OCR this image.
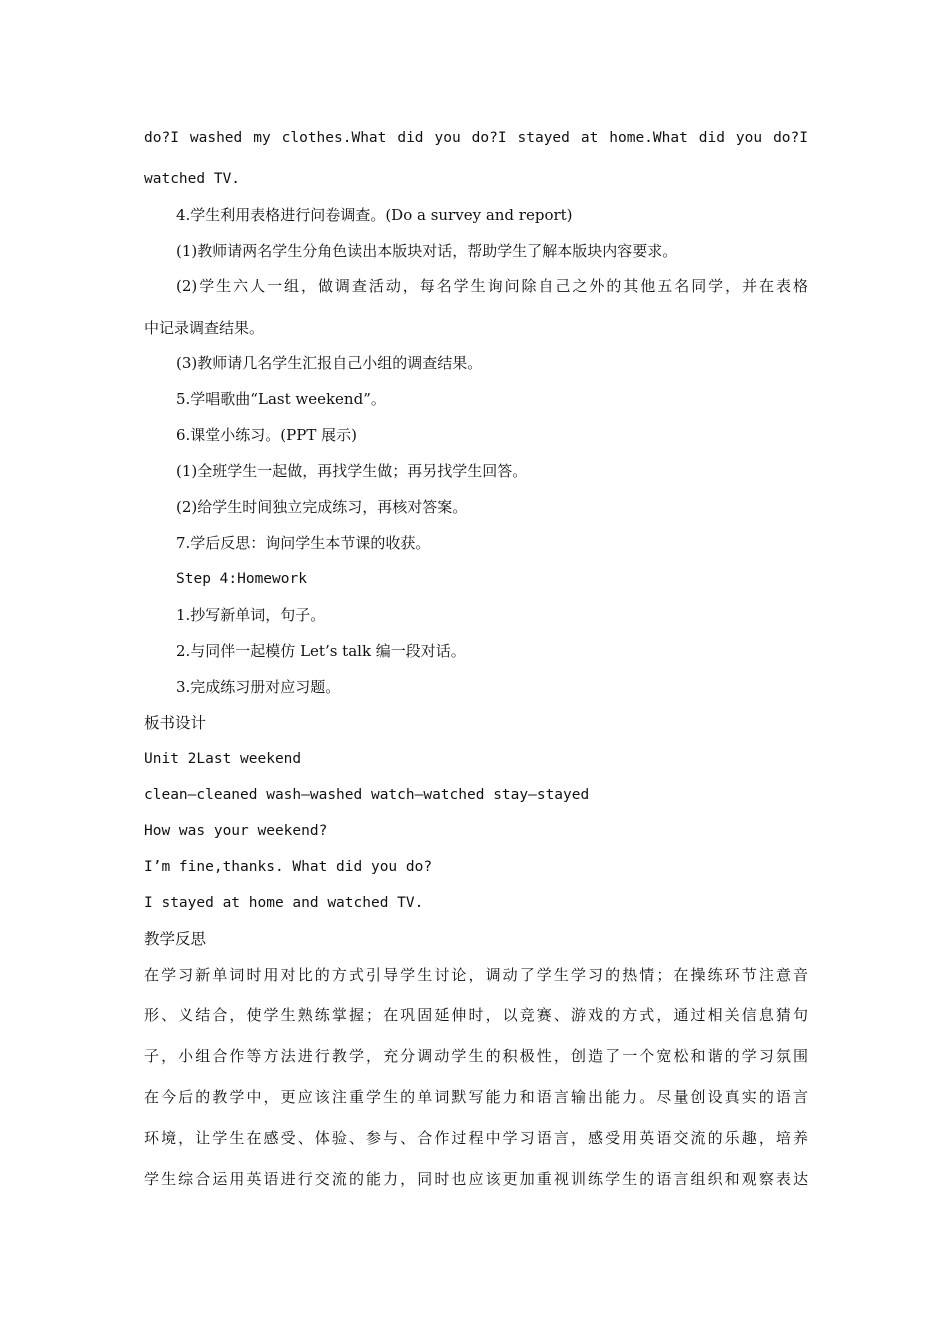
do?I washed my clothes.What did you do?I stayed at home.What did you do?I
watched TV.
4.学生利用表格进行问卷调查。(Do a survey and report)
(1)教师请两名学生分角色读出本版块对话，帮助学生了解本版块内容要求。
(2)学生六人一组，做调查活动，每名学生询问除自己之外的其他五名同学，并在表格
中记录调查结果。
(3)教师请几名学生汇报自己小组的调查结果。
5.学唱歌曲“Last weekend”。
6.课堂小练习。(PPT 展示)
(1)全班学生一起做，再找学生做；再另找学生回答。
(2)给学生时间独立完成练习，再核对答案。
7.学后反思：询问学生本节课的收获。
Step 4:Homework
1.抄写新单词，句子。
2.与同伴一起模仿 Let’s talk 编一段对话。
3.完成练习册对应习题。
板书设计
Unit 2Last weekend
clean—cleaned wash—washed watch—watched stay—stayed
How was your weekend?
I’m fine,thanks. What did you do?
I stayed at home and watched TV.
教学反思
在学习新单词时用对比的方式引导学生讨论，调动了学生学习的热情；在操练环节注意音
形、义结合，使学生熟练掌握；在巩固延伸时，以竞赛、游戏的方式，通过相关信息猜句
子，小组合作等方法进行教学，充分调动学生的积极性，创造了一个宽松和谐的学习氛围
在今后的教学中，更应该注重学生的单词默写能力和语言输出能力。尽量创设真实的语言
环境，让学生在感受、体验、参与、合作过程中学习语言，感受用英语交流的乐趣，培养
学生综合运用英语进行交流的能力，同时也应该更加重视训练学生的语言组织和观察表达
